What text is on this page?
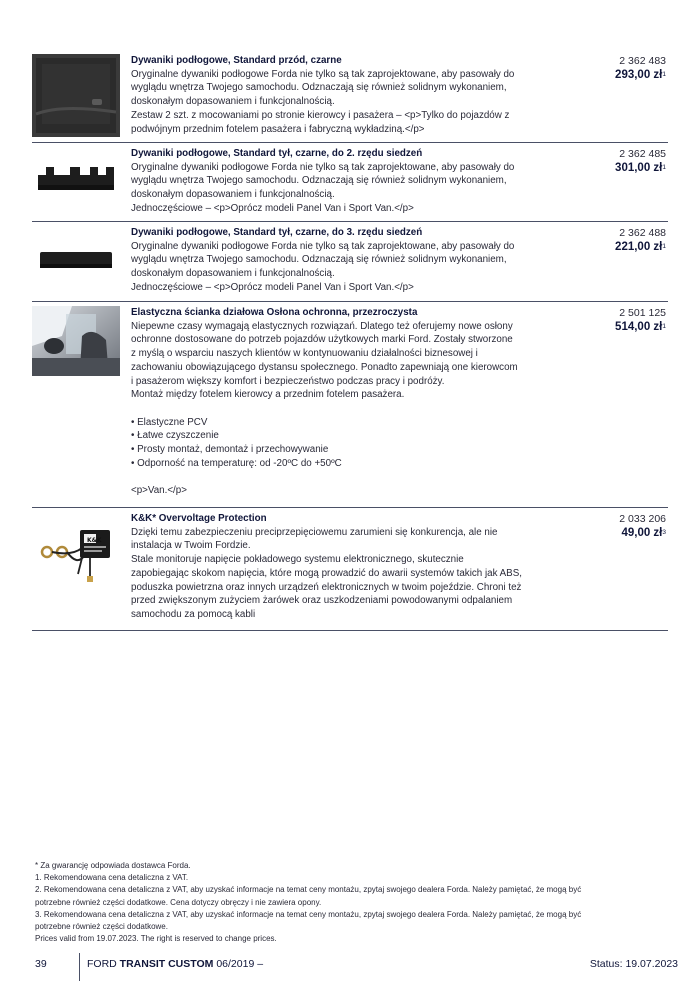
Dywaniki podłogowe, Standard przód, czarne
Oryginalne dywaniki podłogowe Forda nie tylko są tak zaprojektowane, aby pasowały do
wyglądu wnętrza Twojego samochodu. Odznaczają się również solidnym wykonaniem,
doskonałym dopasowaniem i funkcjonalnością.
Zestaw 2 szt. z mocowaniami po stronie kierowcy i pasażera – <p>Tylko do pojazdów z
podwójnym przednim fotelem pasażera i fabryczną wykładziną.</p>
2 362 483
293,00 $zł^1$
Dywaniki podłogowe, Standard tył, czarne, do 2. rzędu siedzeń
Oryginalne dywaniki podłogowe Forda nie tylko są tak zaprojektowane, aby pasowały do
wyglądu wnętrza Twojego samochodu. Odznaczają się również solidnym wykonaniem,
doskonałym dopasowaniem i funkcjonalnością.
Jednoczęściowe – <p>Oprócz modeli Panel Van i Sport Van.</p>
2 362 485
301,00 $zł^1$
Dywaniki podłogowe, Standard tył, czarne, do 3. rzędu siedzeń
Oryginalne dywaniki podłogowe Forda nie tylko są tak zaprojektowane, aby pasowały do
wyglądu wnętrza Twojego samochodu. Odznaczają się również solidnym wykonaniem,
doskonałym dopasowaniem i funkcjonalnością.
Jednoczęściowe – <p>Oprócz modeli Panel Van i Sport Van.</p>
2 362 488
221,00 $zł^1$
Elastyczna ścianka działowa Osłona ochronna, przezroczysta
Niepewne czasy wymagają elastycznych rozwiązań. Dlatego też oferujemy nowe osłony
ochronne dostosowane do potrzeb pojazdów użytkowych marki Ford. Zostały stworzone
z myślą o wsparciu naszych klientów w kontynuowaniu działalności biznesowej i
zachowaniu obowiązującego dystansu społecznego. Ponadto zapewniają one kierowcom
i pasażerom większy komfort i bezpieczeństwo podczas pracy i podróży.
Montaż między fotelem kierowcy a przednim fotelem pasażera.
• Elastyczne PCV
• Łatwe czyszczenie
• Prosty montaż, demontaż i przechowywanie
• Odporność na temperaturę: od -20ºC do +50ºC
<p>Van.</p>
2 501 125
514,00 $zł^1$
K&K
K&K* Overvoltage Protection
Dzięki temu zabezpieczeniu preciprzepięciowemu zarumieni się konkurencja, ale nie
instalacja w Twoim Fordzie.
Stale monitoruje napięcie pokładowego systemu elektronicznego, skutecznie
zapobiegając skokom napięcia, które mogą prowadzić do awarii systemów takich jak ABS,
poduszka powietrzna oraz innych urządzeń elektronicznych w twoim pojeździe. Chroni też
przed zwiększonym zużyciem żarówek oraz uszkodzeniami powodowanymi odpalaniem
samochodu za pomocą kabli
2 033 206
49,00 $zł^3$
* Za gwarancję odpowiada dostawca Forda.
1. Rekomendowana cena detaliczna z VAT.
2. Rekomendowana cena detaliczna z VAT, aby uzyskać informacje na temat ceny montażu, zpytaj swojego dealera Forda. Należy pamiętać, że mogą być
potrzebne również części dodatkowe. Cena dotyczy obręczy i nie zawiera opony.
3. Rekomendowana cena detaliczna z VAT, aby uzyskać informacje na temat ceny montażu, zpytaj swojego dealera Forda. Należy pamiętać, że mogą być
potrzebne również części dodatkowe.
Prices valid from 19.07.2023. The right is reserved to change prices.
39	FORD TRANSIT CUSTOM 06/2019 –	Status: 19.07.2023
